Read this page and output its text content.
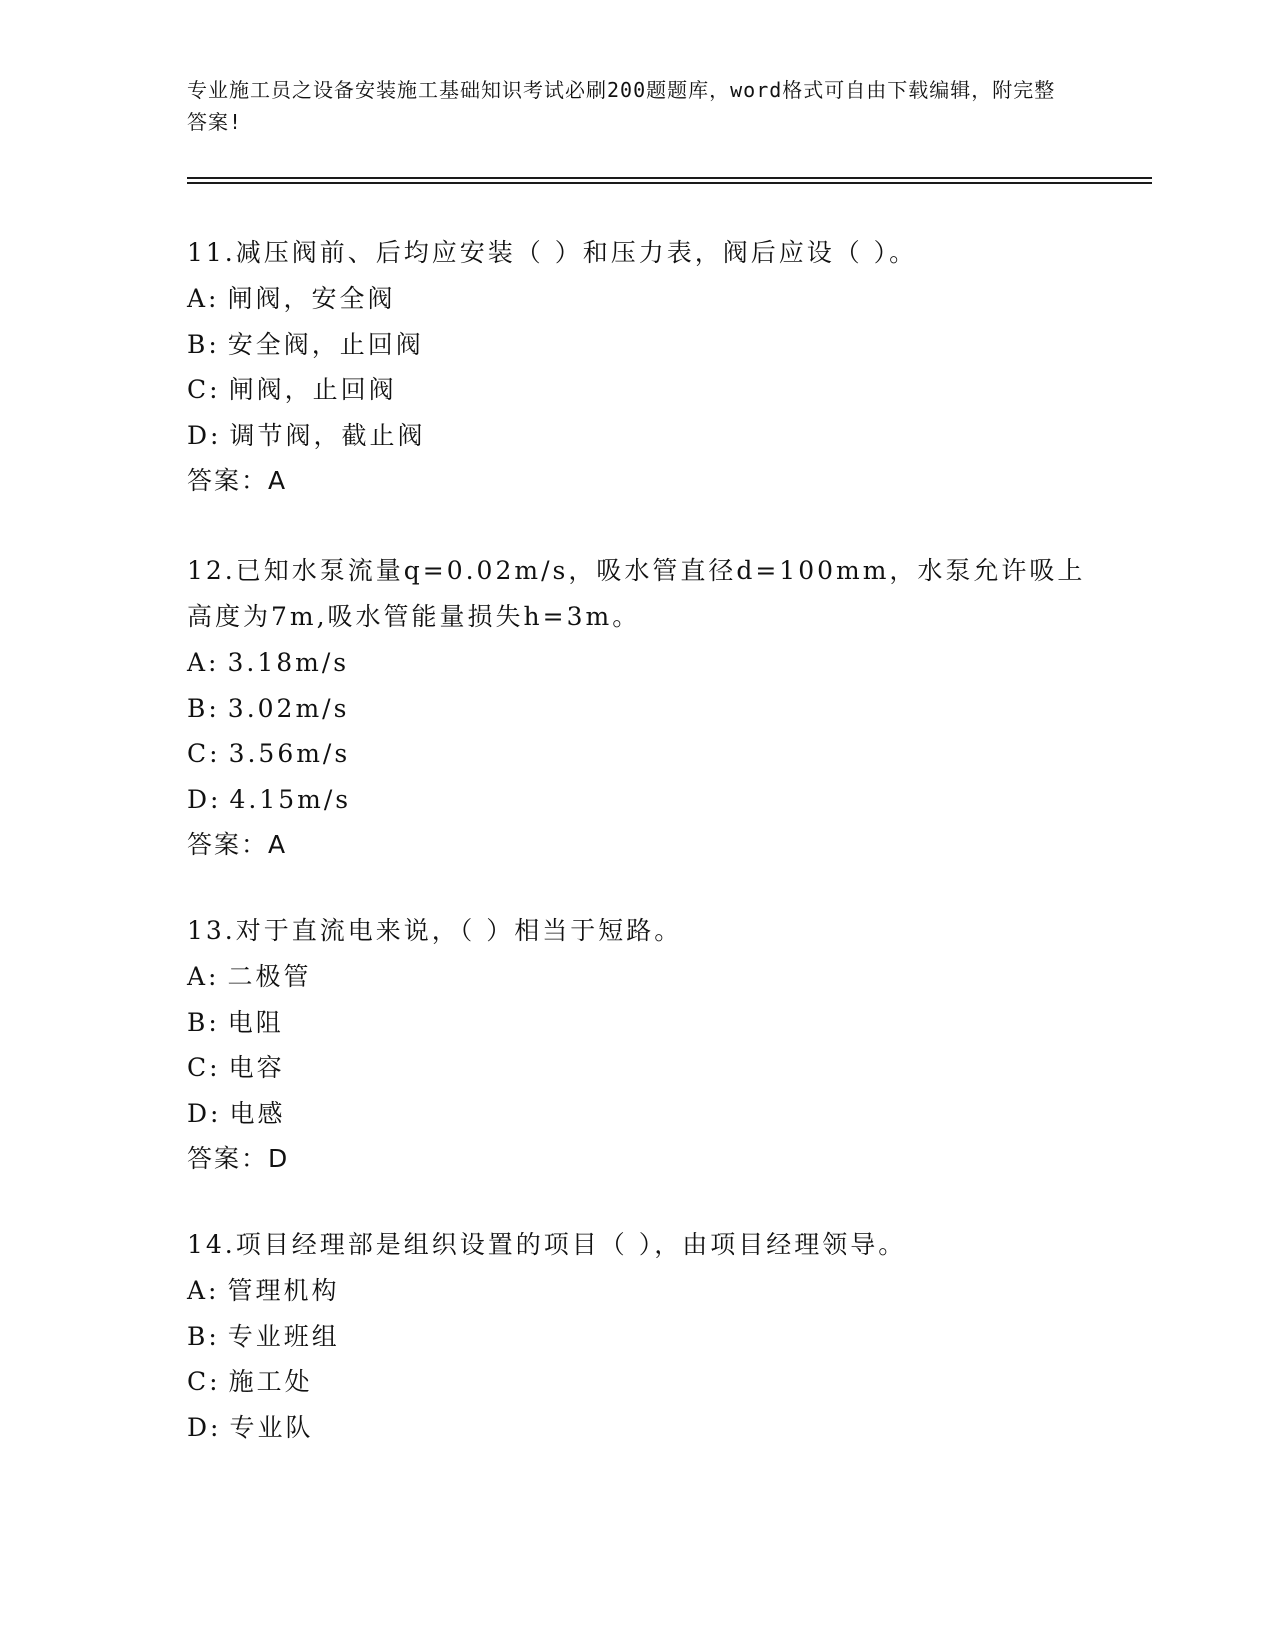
专业施工员之设备安装施工基础知识考试必刷200题题库，word格式可自由下载编辑，附完整答案!

11.减压阀前、后均应安装（ ）和压力表，阀后应设（ ）。

A: 闸阀，安全阀

B: 安全阀，止回阀

C: 闸阀，止回阀

D: 调节阀，截止阀

答案：A

12.已知水泵流量q=0.02m/s，吸水管直径d=100mm，水泵允许吸上高度为7m,吸水管能量损失h=3m。

A: 3.18m/s

B: 3.02m/s

C: 3.56m/s

D: 4.15m/s

答案：A

13.对于直流电来说，（ ）相当于短路。

A: 二极管

B: 电阻

C: 电容

D: 电感

答案：D

14.项目经理部是组织设置的项目（ ），由项目经理领导。

A: 管理机构

B: 专业班组

C: 施工处

D: 专业队
